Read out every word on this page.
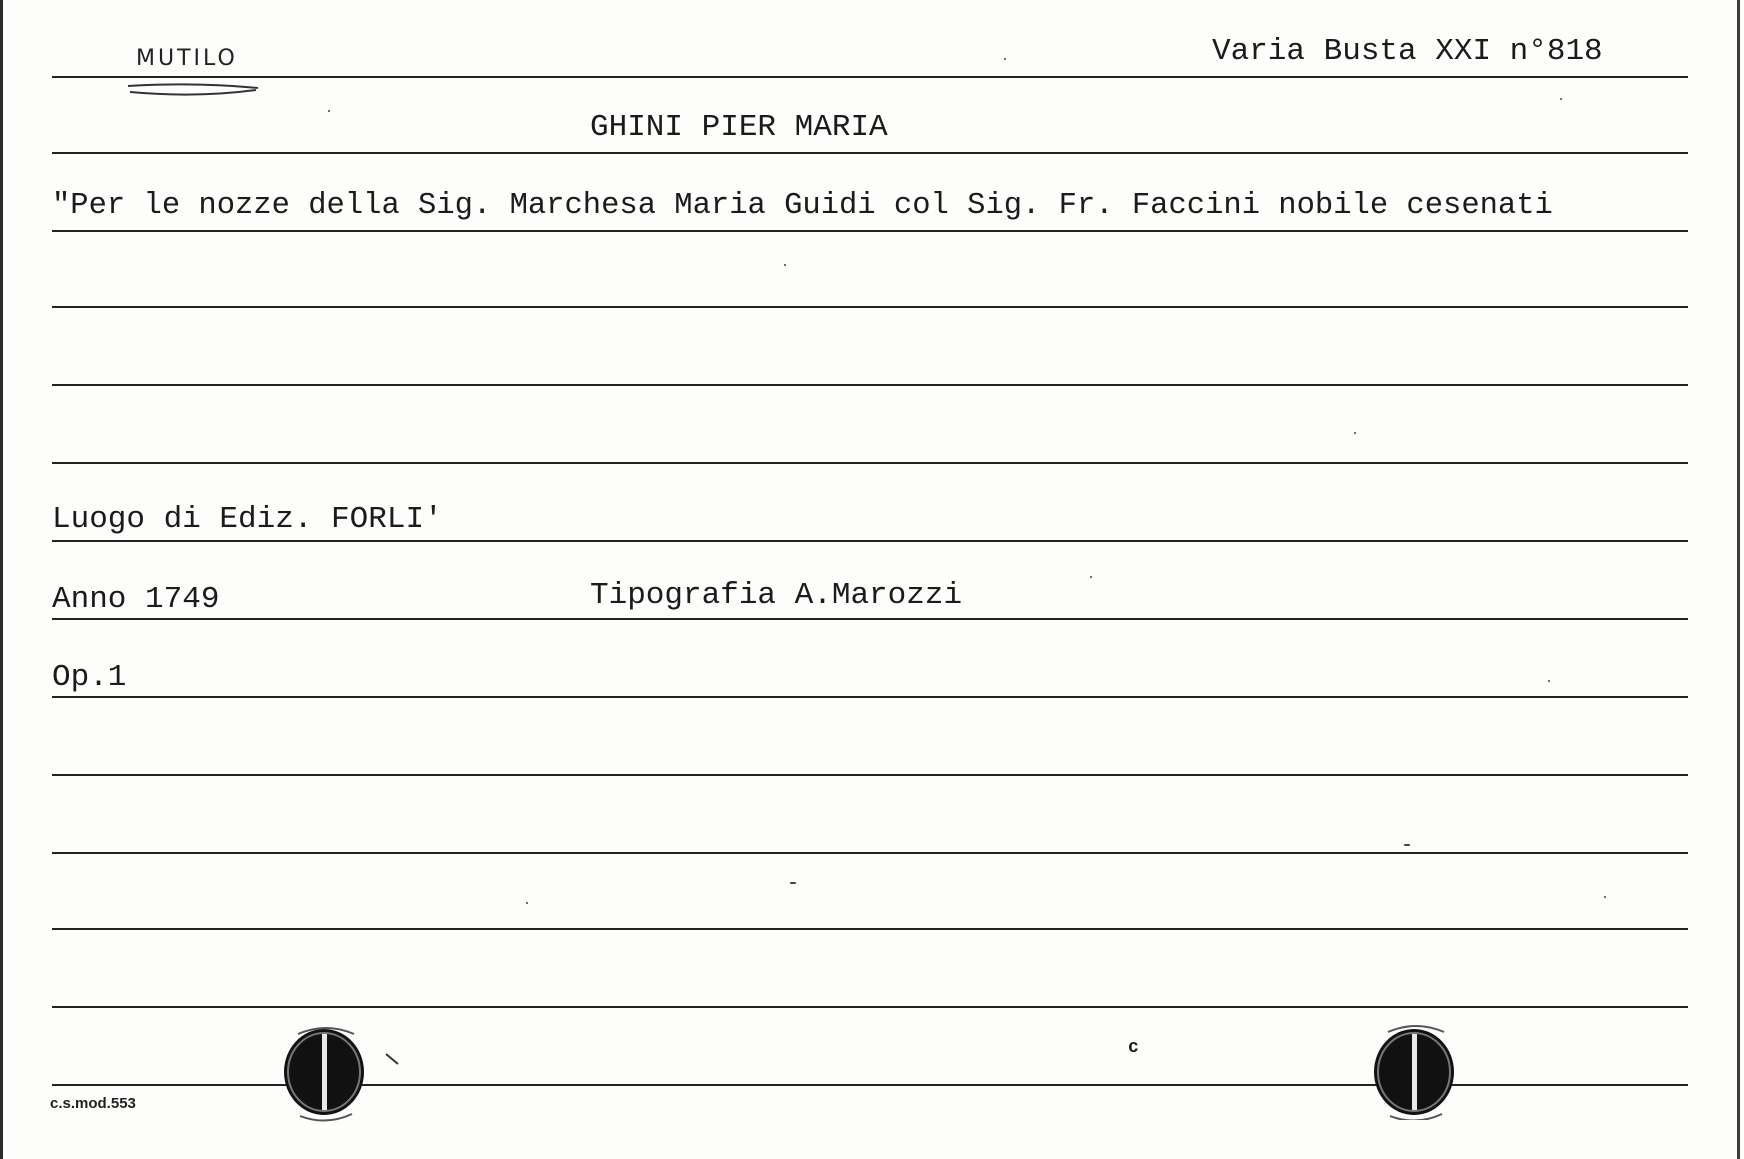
MUTILO	Varia Busta XXI n°818
GHINI PIER MARIA
"Per le nozze della Sig. Marchesa Maria Guidi col Sig. Fr. Faccini nobile cesenati
Luogo di Ediz. FORLI'
Anno 1749	Tipografia A.Marozzi
Op.1
c
c.s.mod.553
